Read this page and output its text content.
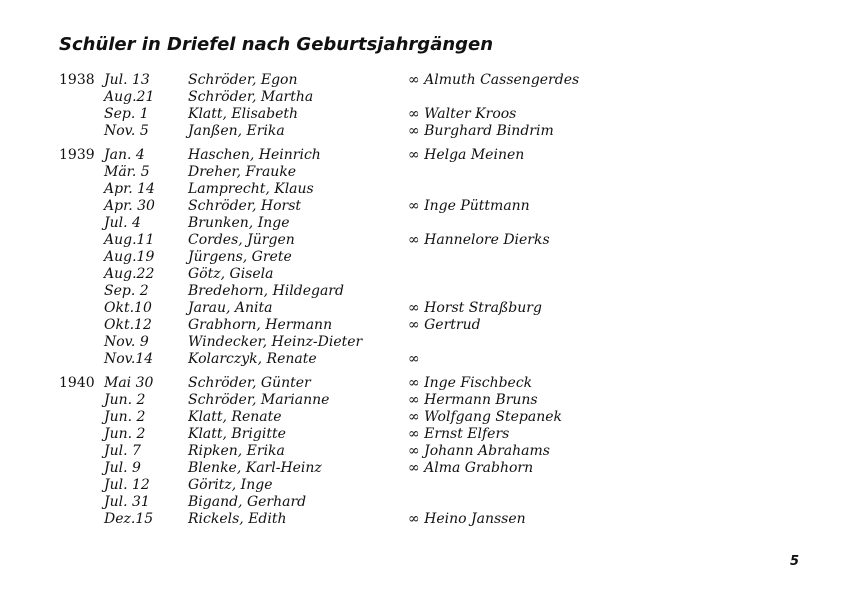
Schüler in Driefel nach Geburtsjahrgängen
1938 Jul. 13	Schröder, Egon	∞ Almuth Cassengerdes
Aug.21 Schröder, Martha
Sep. 1	Klatt, Elisabeth	∞ Walter Kroos
Nov. 5	Janßen, Erika	∞ Burghard Bindrim
1939 Jan. 4	Haschen, Heinrich	∞ Helga Meinen
Mär. 5	Dreher, Frauke
Apr. 14 Lamprecht, Klaus
Apr. 30 Schröder, Horst	∞ Inge Püttmann
Jul. 4	Brunken, Inge
Aug.11 Cordes, Jürgen	∞ Hannelore Dierks
Aug.19 Jürgens, Grete
Aug.22 Götz, Gisela
Sep. 2	Bredehorn, Hildegard
Okt.10	Jarau, Anita	∞ Horst Straßburg
Okt.12	Grabhorn, Hermann	∞ Gertrud
Nov. 9	Windecker, Heinz-Dieter
Nov.14 Kolarczyk, Renate	∞
1940 Mai 30 Schröder, Günter	∞ Inge Fischbeck
Jun. 2	Schröder, Marianne	∞ Hermann Bruns
Jun. 2	Klatt, Renate	∞ Wolfgang Stepanek
Jun. 2	Klatt, Brigitte	∞ Ernst Elfers
Jul. 7	Ripken, Erika	∞ Johann Abrahams
Jul. 9	Blenke, Karl-Heinz	∞ Alma Grabhorn
Jul. 12	Göritz, Inge
Jul. 31	Bigand, Gerhard
Dez.15 Rickels, Edith	∞ Heino Janssen
5
